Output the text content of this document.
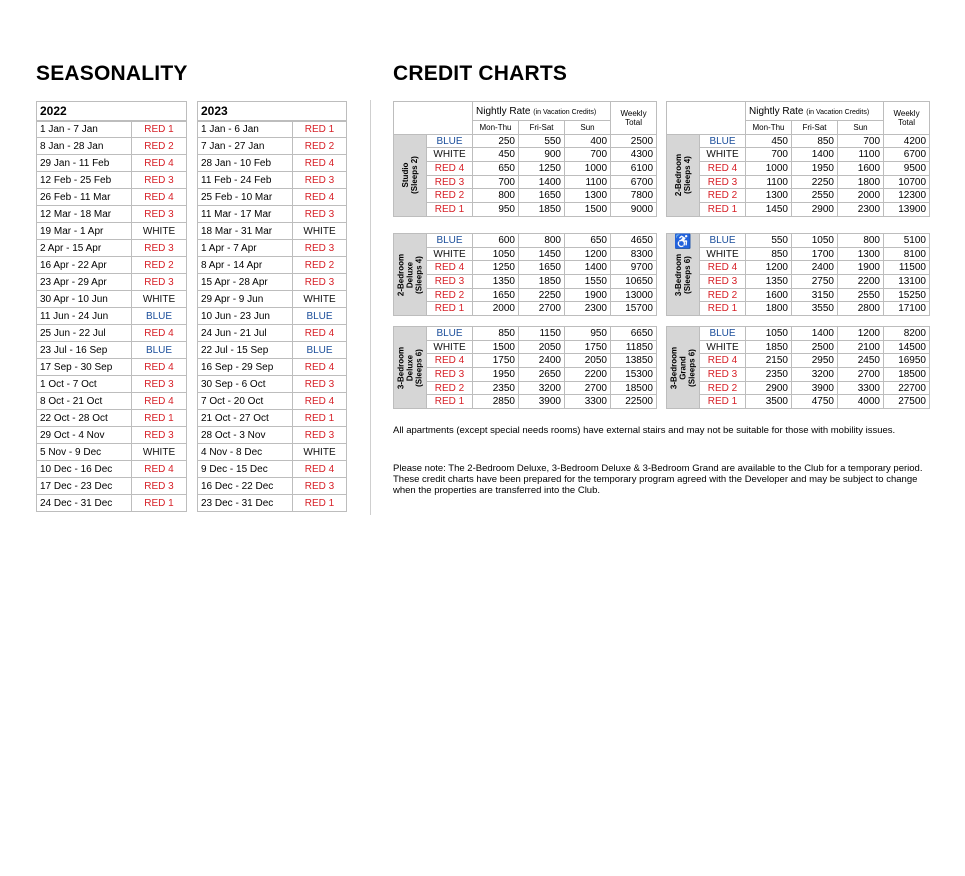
SEASONALITY	CREDIT CHARTS
2022	
1 Jan - 7 Jan	RED 1
8 Jan - 28 Jan	RED 2
29 Jan - 11 Feb	RED 4
12 Feb - 25 Feb	RED 3
26 Feb - 11 Mar	RED 4
12 Mar - 18 Mar	RED 3
19 Mar - 1 Apr	WHITE
2 Apr - 15 Apr	RED 3
16 Apr - 22 Apr	RED 2
23 Apr - 29 Apr	RED 3
30 Apr - 10 Jun	WHITE
11 Jun - 24 Jun	BLUE
25 Jun - 22 Jul	RED 4
23 Jul - 16 Sep	BLUE
17 Sep - 30 Sep	RED 4
1 Oct - 7 Oct	RED 3
8 Oct - 21 Oct	RED 4
22 Oct - 28 Oct	RED 1
29 Oct - 4 Nov	RED 3
5 Nov - 9 Dec	WHITE
10 Dec - 16 Dec	RED 4
17 Dec - 23 Dec	RED 3
24 Dec - 31 Dec	RED 1
2023	
1 Jan - 6 Jan	RED 1
7 Jan - 27 Jan	RED 2
28 Jan - 10 Feb	RED 4
11 Feb - 24 Feb	RED 3
25 Feb - 10 Mar	RED 4
11 Mar - 17 Mar	RED 3
18 Mar - 31 Mar	WHITE
1 Apr - 7 Apr	RED 3
8 Apr - 14 Apr	RED 2
15 Apr - 28 Apr	RED 3
29 Apr - 9 Jun	WHITE
10 Jun - 23 Jun	BLUE
24 Jun - 21 Jul	RED 4
22 Jul - 15 Sep	BLUE
16 Sep - 29 Sep	RED 4
30 Sep - 6 Oct	RED 3
7 Oct - 20 Oct	RED 4
21 Oct - 27 Oct	RED 1
28 Oct - 3 Nov	RED 3
4 Nov - 8 Dec	WHITE
9 Dec - 15 Dec	RED 4
16 Dec - 22 Dec	RED 3
23 Dec - 31 Dec	RED 1
		Nightly Rate (in Vacation Credits)			Weekly
Total
		Mon-Thu	Fri-Sat	Sun	

Studio
(Sleeps 2)	BLUE	250	550	400	2500
	WHITE	450	900	700	4300
	RED 4	650	1250	1000	6100
	RED 3	700	1400	1100	6700
	RED 2	800	1650	1300	7800
	RED 1	950	1850	1500	9000
		Nightly Rate (in Vacation Credits)			Weekly
Total
		Mon-Thu	Fri-Sat	Sun	

2-Bedroom
(Sleeps 4)	BLUE	450	850	700	4200
	WHITE	700	1400	1100	6700
	RED 4	1000	1950	1600	9500
	RED 3	1100	2250	1800	10700
	RED 2	1300	2550	2000	12300
	RED 1	1450	2900	2300	13900
2-Bedroom
Deluxe
(Sleeps 4)	BLUE	600	800	650	4650
	WHITE	1050	1450	1200	8300
	RED 4	1250	1650	1400	9700
	RED 3	1350	1850	1550	10650
	RED 2	1650	2250	1900	13000
	RED 1	2000	2700	2300	15700
♿
3-Bedroom
(Sleeps 6)	BLUE	550	1050	800	5100
	WHITE	850	1700	1300	8100
	RED 4	1200	2400	1900	11500
	RED 3	1350	2750	2200	13100
	RED 2	1600	3150	2550	15250
	RED 1	1800	3550	2800	17100
3-Bedroom
Deluxe
(Sleeps 6)	BLUE	850	1150	950	6650
	WHITE	1500	2050	1750	11850
	RED 4	1750	2400	2050	13850
	RED 3	1950	2650	2200	15300
	RED 2	2350	3200	2700	18500
	RED 1	2850	3900	3300	22500
3-Bedroom
Grand
(Sleeps 6)	BLUE	1050	1400	1200	8200
	WHITE	1850	2500	2100	14500
	RED 4	2150	2950	2450	16950
	RED 3	2350	3200	2700	18500
	RED 2	2900	3900	3300	22700
	RED 1	3500	4750	4000	27500

All apartments (except special needs rooms) have external stairs and may not be suitable for those with mobility issues.

Please note: The 2-Bedroom Deluxe, 3-Bedroom Deluxe & 3-Bedroom Grand are available to the Club for a temporary period. These credit charts have been prepared for the temporary program agreed with the Developer and may be subject to change when the properties are transferred into the Club.
